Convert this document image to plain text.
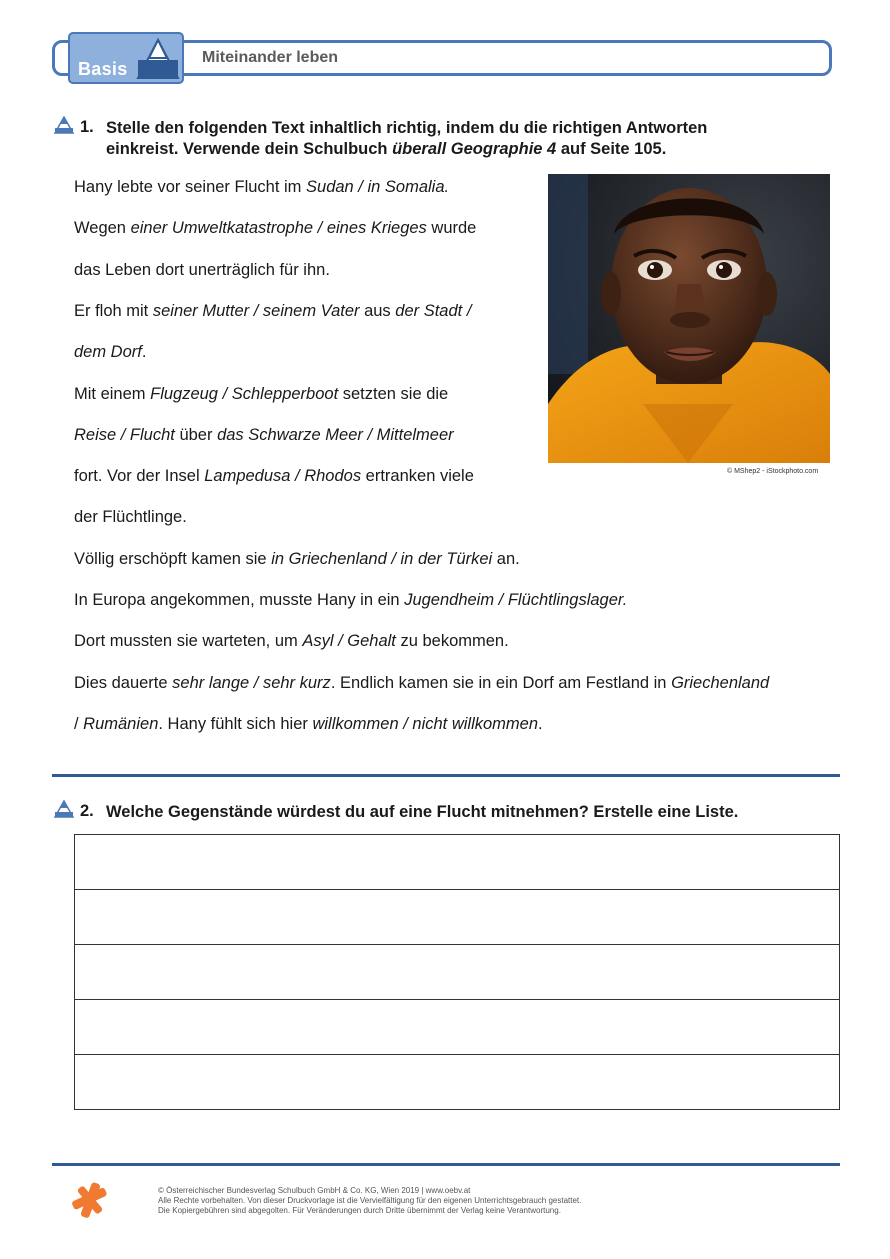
Basis
Miteinander leben
1. Stelle den folgenden Text inhaltlich richtig, indem du die richtigen Antworten
einkreist. Verwende dein Schulbuch überall Geographie 4 auf Seite 105.
Hany lebte vor seiner Flucht im Sudan / in Somalia.
Wegen einer Umweltkatastrophe / eines Krieges wurde
das Leben dort unerträglich für ihn.
Er floh mit seiner Mutter / seinem Vater aus der Stadt /
dem Dorf.
Mit einem Flugzeug / Schlepperboot setzten sie die
Reise / Flucht über das Schwarze Meer / Mittelmeer
fort. Vor der Insel Lampedusa / Rhodos ertranken viele
der Flüchtlinge.
Völlig erschöpft kamen sie in Griechenland / in der Türkei an.
In Europa angekommen, musste Hany in ein Jugendheim / Flüchtlingslager.
Dort mussten sie warteten, um Asyl / Gehalt zu bekommen.
Dies dauerte sehr lange / sehr kurz. Endlich kamen sie in ein Dorf am Festland in Griechenland
/ Rumänien. Hany fühlt sich hier willkommen / nicht willkommen.
© MShep2 - iStockphoto.com
2. Welche Gegenstände würdest du auf eine Flucht mitnehmen? Erstelle eine Liste.

© Österreichischer Bundesverlag Schulbuch GmbH & Co. KG, Wien 2019 | www.oebv.at
Alle Rechte vorbehalten. Von dieser Druckvorlage ist die Vervielfältigung für den eigenen Unterrichtsgebrauch gestattet.
Die Kopiergebühren sind abgegolten. Für Veränderungen durch Dritte übernimmt der Verlag keine Verantwortung.
